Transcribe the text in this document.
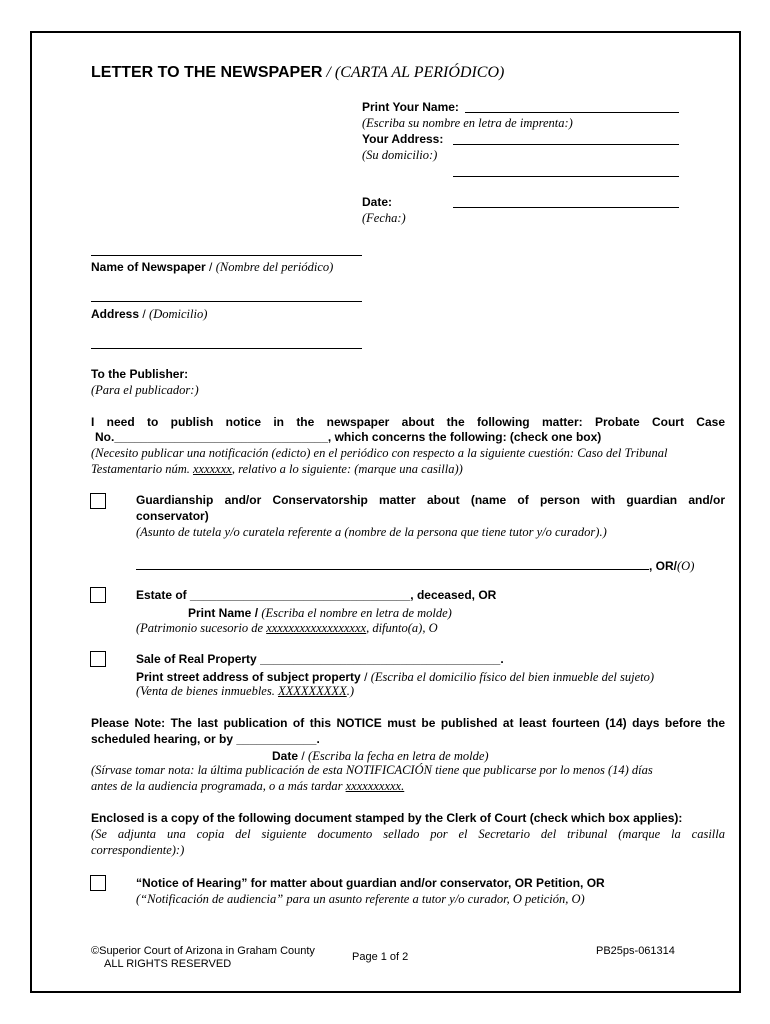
LETTER TO THE NEWSPAPER / (CARTA AL PERIÓDICO)
Print Your Name:
(Escriba su nombre en letra de imprenta:)
Your Address:
(Su domicilio:)
Date:
(Fecha:)
Name of Newspaper / (Nombre del periódico)
Address / (Domicilio)
To the Publisher:
(Para el publicador:)
I need to publish notice in the newspaper about the following matter: Probate Court Case
No.________________________________, which concerns the following: (check one box)
(Necesito publicar una notificación (edicto) en el periódico con respecto a la siguiente cuestión: Caso del Tribunal
Testamentario núm. xxxxxxx, relativo a lo siguiente: (marque una casilla))
Guardianship and/or Conservatorship matter about (name of person with guardian and/or
conservator)
(Asunto de tutela y/o curatela referente a (nombre de la persona que tiene tutor y/o curador).)
, OR/(O)
Estate of _________________________________, deceased, OR
Print Name / (Escriba el nombre en letra de molde)
(Patrimonio sucesorio de xxxxxxxxxxxxxxxxxx, difunto(a), O
Sale of Real Property ____________________________________.
Print street address of subject property / (Escriba el domicilio físico del bien inmueble del sujeto)
(Venta de bienes inmuebles. XXXXXXXXX.)
Please Note: The last publication of this NOTICE must be published at least fourteen (14) days before the
scheduled hearing, or by ____________.
Date / (Escriba la fecha en letra de molde)
(Sírvase tomar nota: la última publicación de esta NOTIFICACIÓN tiene que publicarse por lo menos (14) días
antes de la audiencia programada, o a más tardar xxxxxxxxxx.
Enclosed is a copy of the following document stamped by the Clerk of Court (check which box applies):
(Se adjunta una copia del siguiente documento sellado por el Secretario del tribunal (marque la casilla
correspondiente):)
“Notice of Hearing” for matter about guardian and/or conservator, OR Petition, OR
(“Notificación de audiencia” para un asunto referente a tutor y/o curador, O petición, O)
©Superior Court of Arizona in Graham County
ALL RIGHTS RESERVED
Page 1 of 2	PB25ps-061314
